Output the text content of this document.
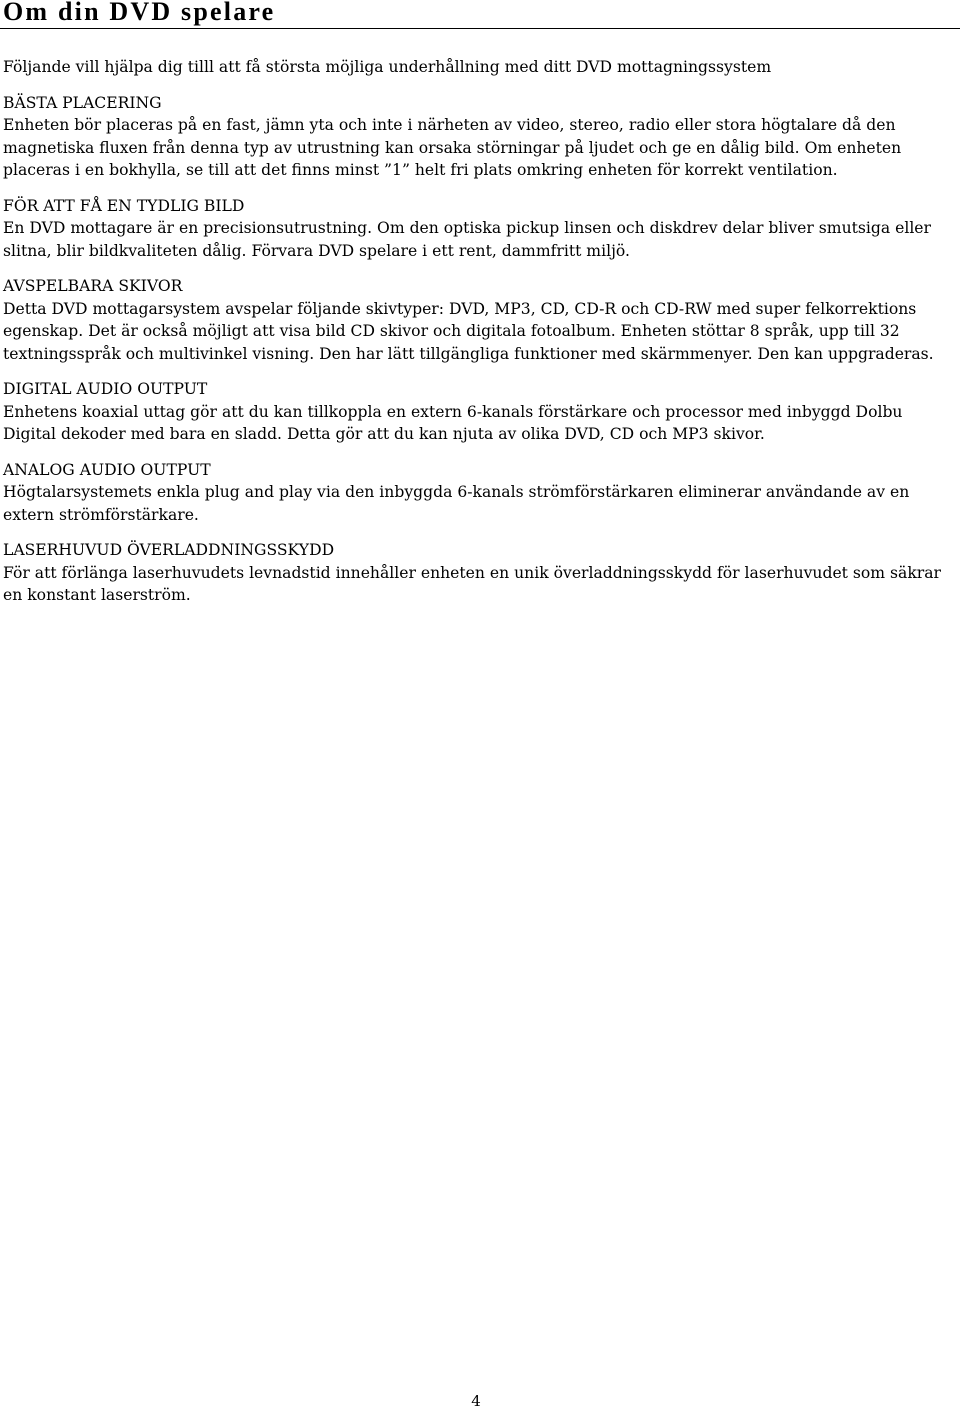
Om din DVD spelare

Följande vill hjälpa dig tilll att få största möjliga underhållning med ditt DVD mottagningssystem

BÄSTA PLACERING

Enheten bör placeras på en fast, jämn yta och inte i närheten av video, stereo, radio eller stora högtalare då den magnetiska fluxen från denna typ av utrustning kan orsaka störningar på ljudet och ge en dålig bild. Om enheten placeras i en bokhylla, se till att det finns minst ”1” helt fri plats omkring enheten för korrekt ventilation.

FÖR ATT FÅ EN TYDLIG BILD

En DVD mottagare är en precisionsutrustning. Om den optiska pickup linsen och diskdrev delar bliver smutsiga eller slitna, blir bildkvaliteten dålig. Förvara DVD spelare i ett rent, dammfritt miljö.

AVSPELBARA SKIVOR

Detta DVD mottagarsystem avspelar följande skivtyper: DVD, MP3, CD, CD-R och CD-RW med super felkorrektions egenskap. Det är också möjligt att visa bild CD skivor och digitala fotoalbum. Enheten stöttar 8 språk, upp till 32 textningsspråk och multivinkel visning. Den har lätt tillgängliga funktioner med skärmmenyer. Den kan uppgraderas.

DIGITAL AUDIO OUTPUT

Enhetens koaxial uttag gör att du kan tillkoppla en extern 6-kanals förstärkare och processor med inbyggd Dolbu Digital dekoder med bara en sladd. Detta gör att du kan njuta av olika DVD, CD och MP3 skivor.

ANALOG AUDIO OUTPUT

Högtalarsystemets enkla plug and play via den inbyggda 6-kanals strömförstärkaren eliminerar användande av en extern strömförstärkare.

LASERHUVUD ÖVERLADDNINGSSKYDD

För att förlänga laserhuvudets levnadstid innehåller enheten en unik överladdningsskydd för laserhuvudet som säkrar en konstant laserström.

4
